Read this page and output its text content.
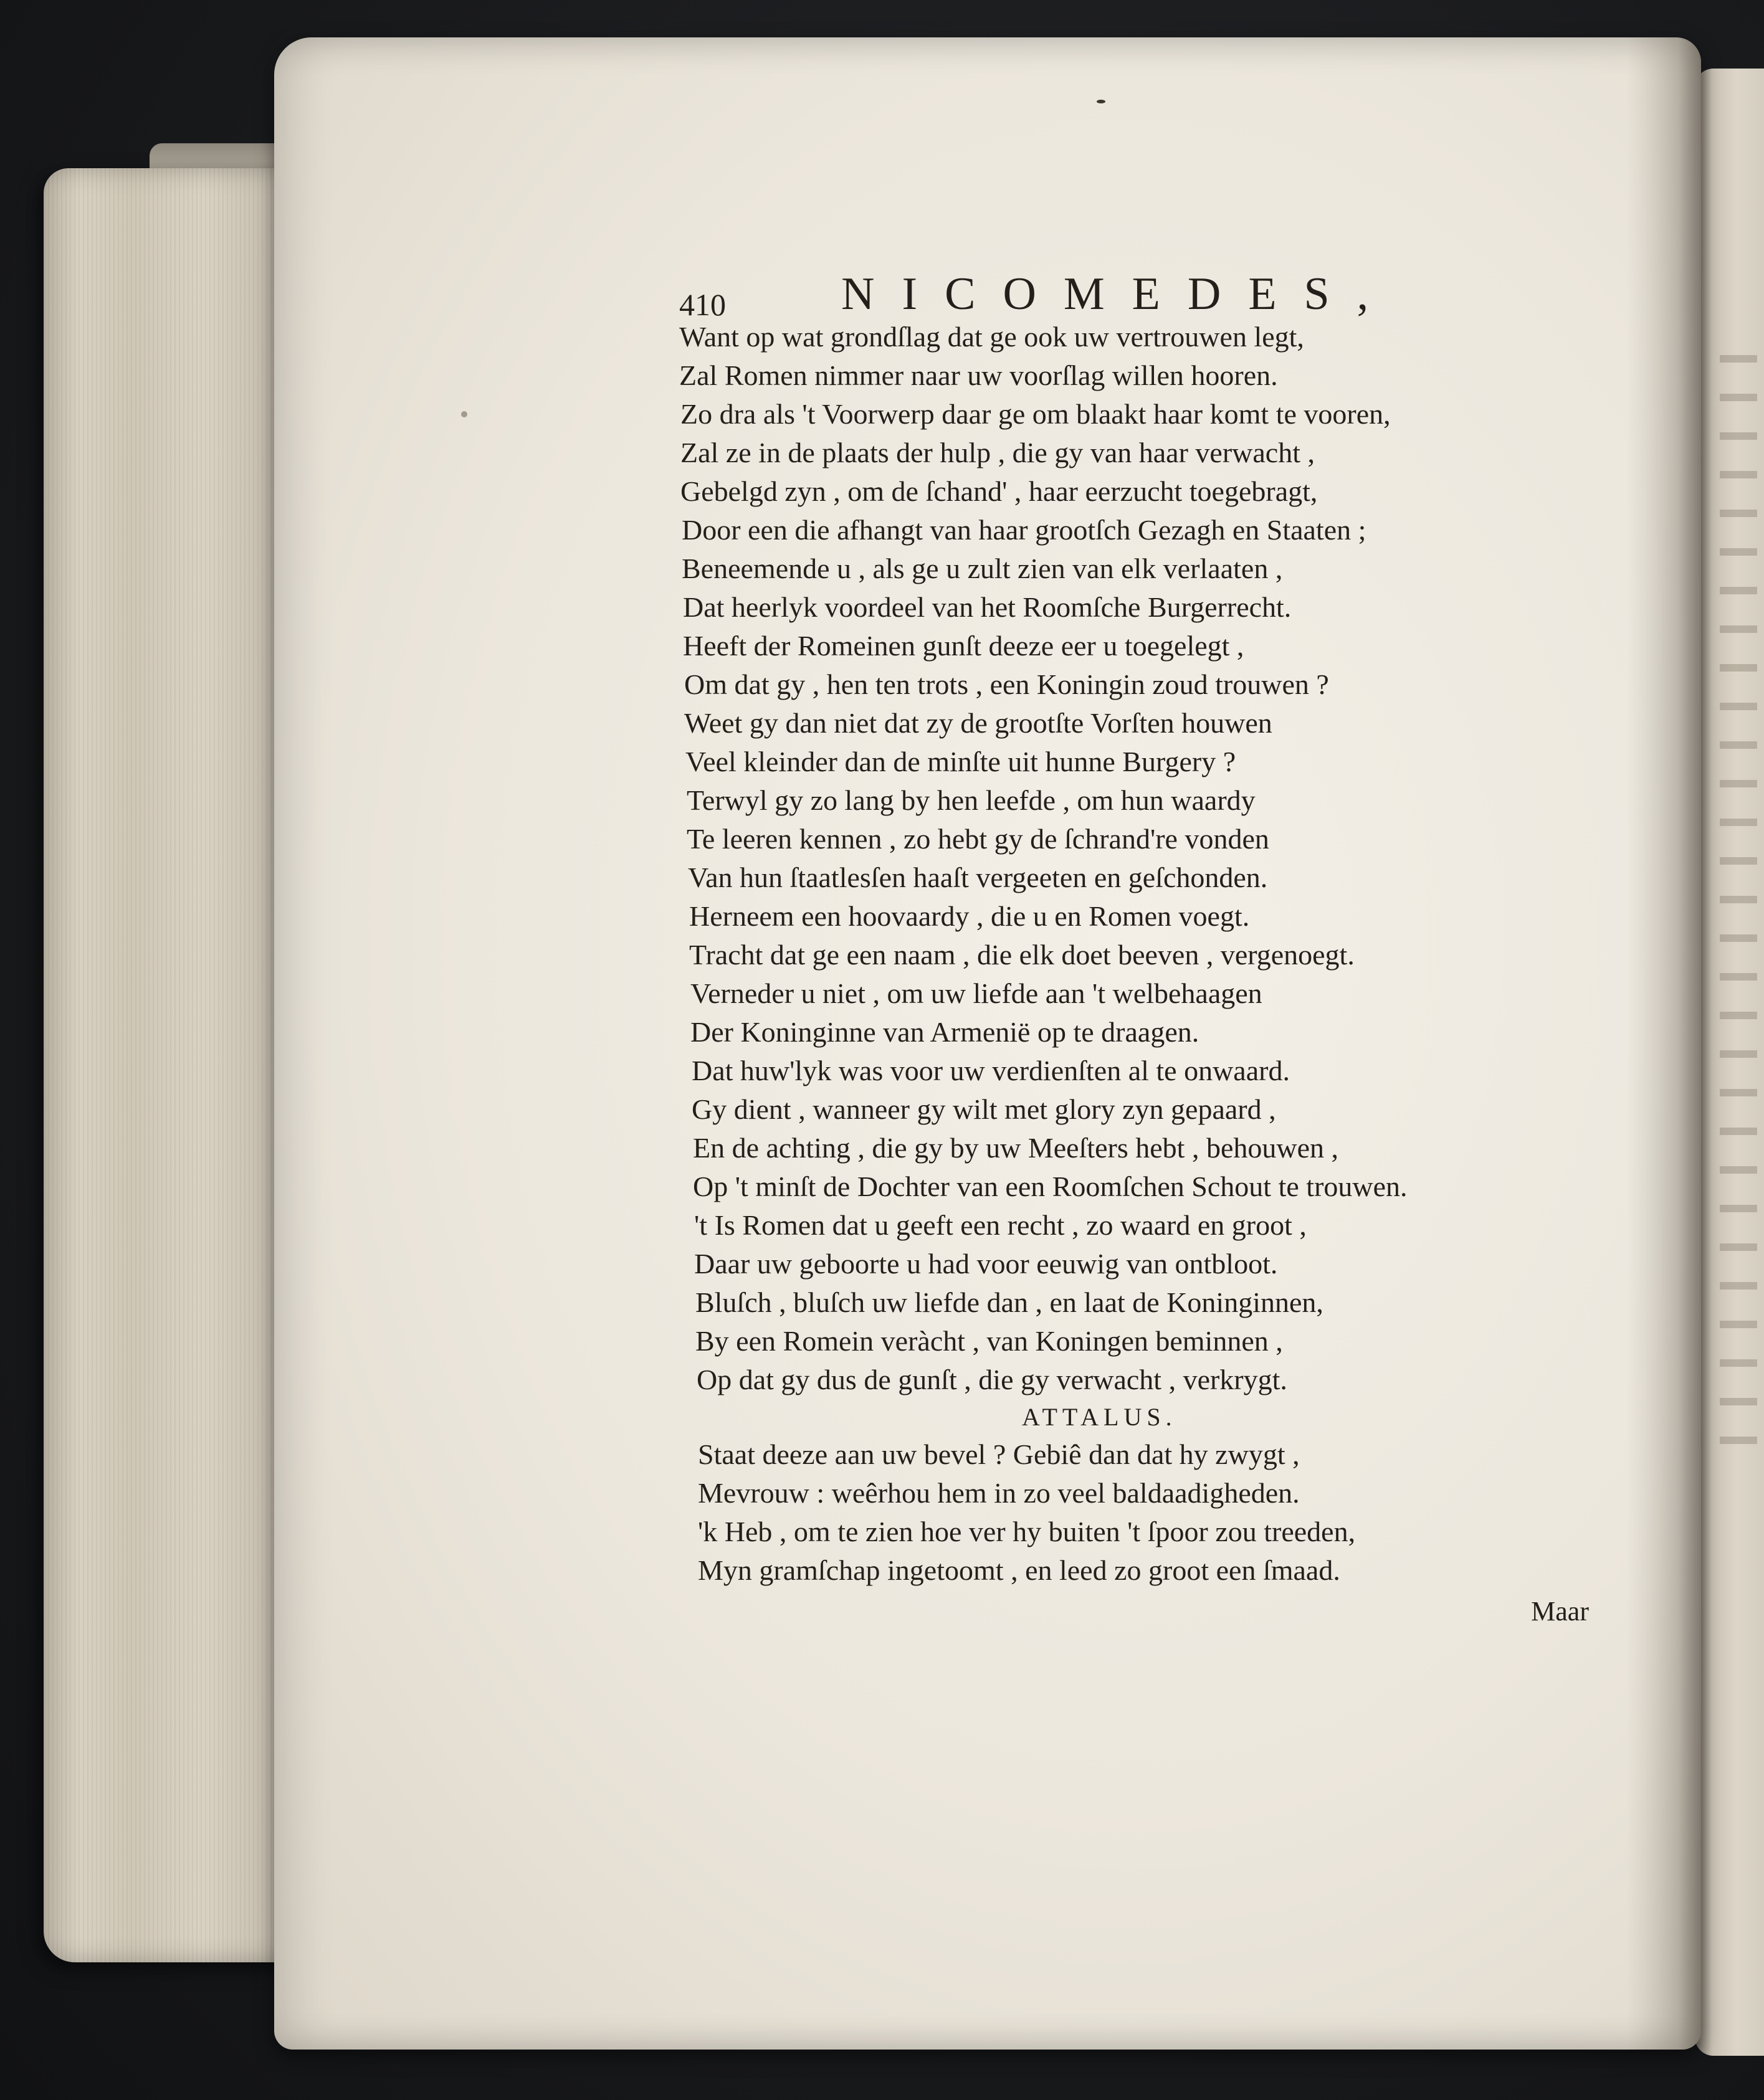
410	NICOMEDES,
Want op wat grondſlag dat ge ook uw vertrouwen legt,
Zal Romen nimmer naar uw voorſlag willen hooren.
Zo dra als 't Voorwerp daar ge om blaakt haar komt te vooren,
Zal ze in de plaats der hulp , die gy van haar verwacht ,
Gebelgd zyn , om de ſchand' , haar eerzucht toegebragt,
Door een die afhangt van haar grootſch Gezagh en Staaten ;
Beneemende u , als ge u zult zien van elk verlaaten ,
Dat heerlyk voordeel van het Roomſche Burgerrecht.
Heeft der Romeinen gunſt deeze eer u toegelegt ,
Om dat gy , hen ten trots , een Koningin zoud trouwen ?
Weet gy dan niet dat zy de grootſte Vorſten houwen
Veel kleinder dan de minſte uit hunne Burgery ?
Terwyl gy zo lang by hen leefde , om hun waardy
Te leeren kennen , zo hebt gy de ſchrand're vonden
Van hun ſtaatlesſen haaſt vergeeten en geſchonden.
Herneem een hoovaardy , die u en Romen voegt.
Tracht dat ge een naam , die elk doet beeven , vergenoegt.
Verneder u niet , om uw liefde aan 't welbehaagen
Der Koninginne van Armenië op te draagen.
Dat huw'lyk was voor uw verdienſten al te onwaard.
Gy dient , wanneer gy wilt met glory zyn gepaard ,
En de achting , die gy by uw Meeſters hebt , behouwen ,
Op 't minſt de Dochter van een Roomſchen Schout te trouwen.
't Is Romen dat u geeft een recht , zo waard en groot ,
Daar uw geboorte u had voor eeuwig van ontbloot.
Bluſch , bluſch uw liefde dan , en laat de Koninginnen,
By een Romein veràcht , van Koningen beminnen ,
Op dat gy dus de gunſt , die gy verwacht , verkrygt.
ATTALUS.
Staat deeze aan uw bevel ? Gebiê dan dat hy zwygt ,
Mevrouw : weêrhou hem in zo veel baldaadigheden.
'k Heb , om te zien hoe ver hy buiten 't ſpoor zou treeden,
Myn gramſchap ingetoomt , en leed zo groot een ſmaad.
Maar
